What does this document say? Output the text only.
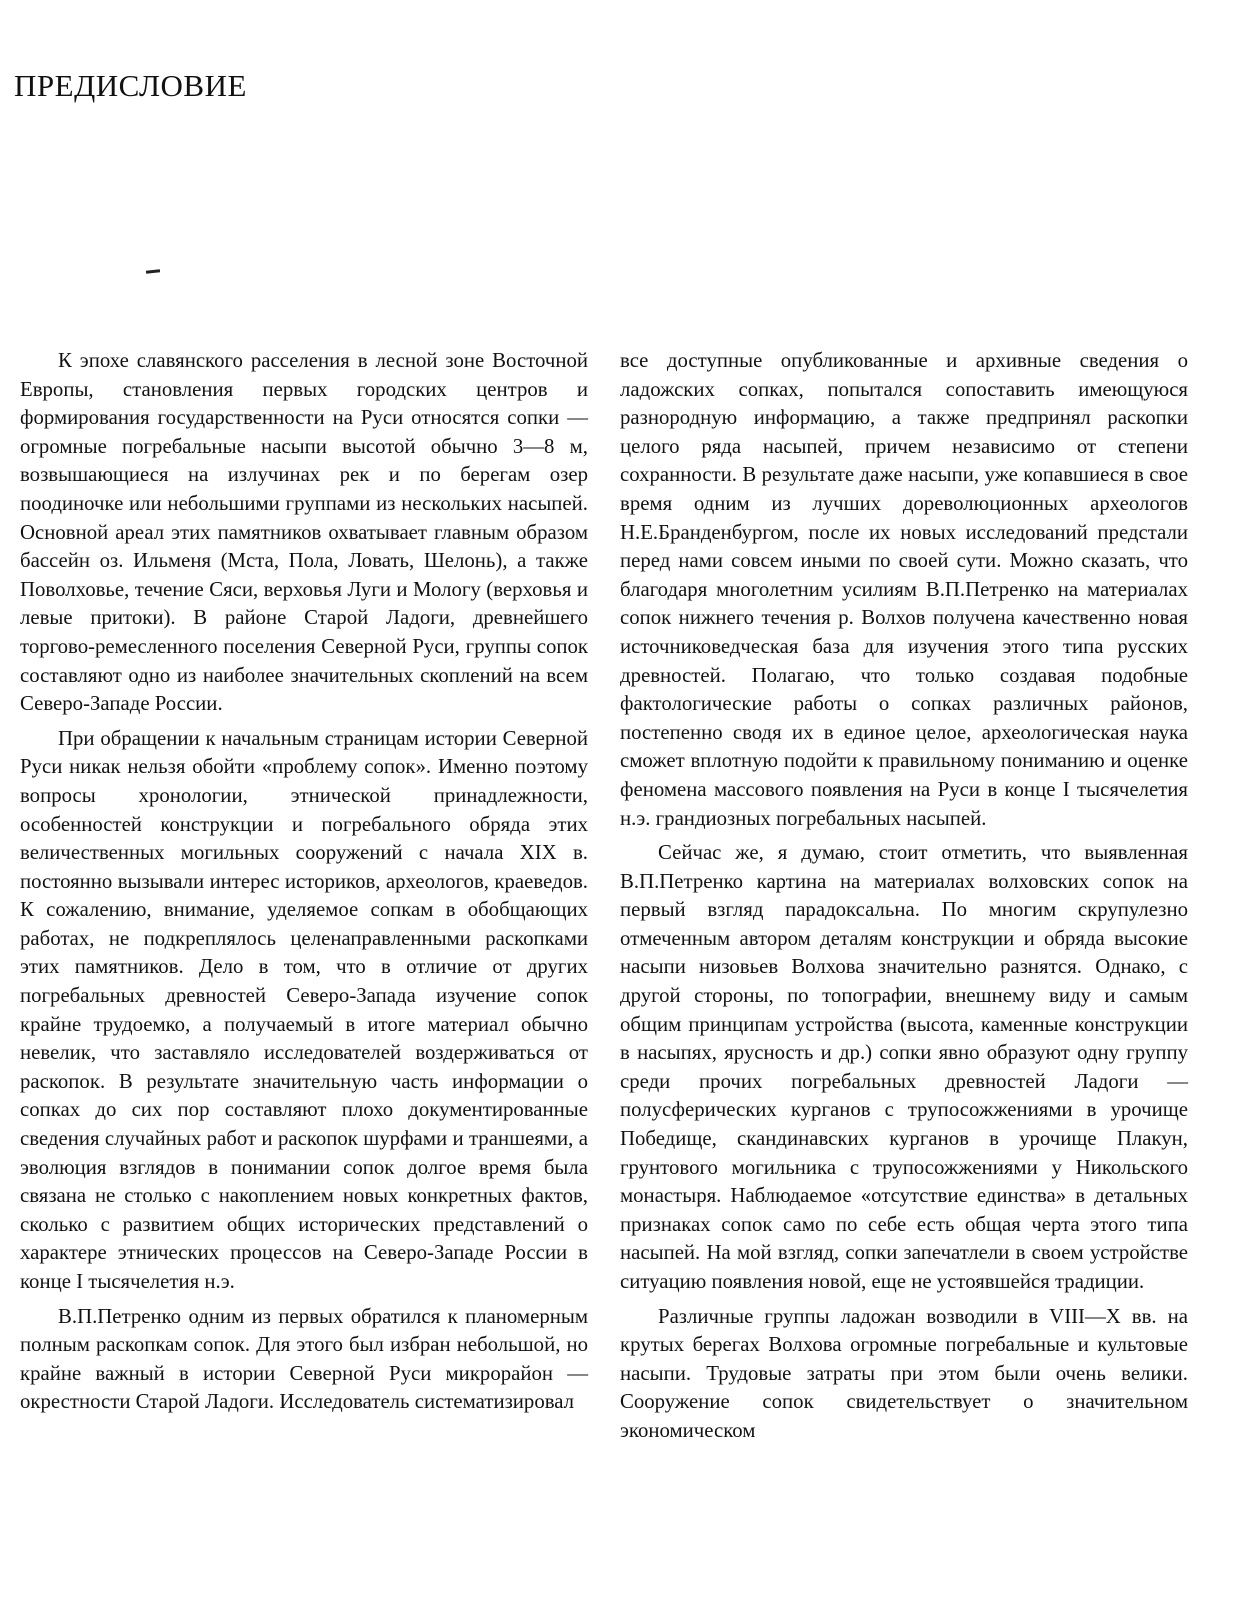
ПРЕДИСЛОВИЕ

К эпохе славянского расселения в лесной зоне Восточной Европы, становления первых городских центров и формирования государственности на Руси относятся сопки — огромные погребальные насыпи высотой обычно 3—8 м, возвышающиеся на излучинах рек и по берегам озер поодиночке или небольшими группами из нескольких насыпей. Основной ареал этих памятников охватывает главным образом бассейн оз. Ильменя (Мста, Пола, Ловать, Шелонь), а также Поволховье, течение Сяси, верховья Луги и Мологу (верховья и левые притоки). В районе Старой Ладоги, древнейшего торгово-ремесленного поселения Северной Руси, группы сопок составляют одно из наиболее значительных скоплений на всем Северо-Западе России.

При обращении к начальным страницам истории Северной Руси никак нельзя обойти «проблему сопок». Именно поэтому вопросы хронологии, этнической принадлежности, особенностей конструкции и погребального обряда этих величественных могильных сооружений с начала XIX в. постоянно вызывали интерес историков, археологов, краеведов. К сожалению, внимание, уделяемое сопкам в обобщающих работах, не подкреплялось целенаправленными раскопками этих памятников. Дело в том, что в отличие от других погребальных древностей Северо-Запада изучение сопок крайне трудоемко, а получаемый в итоге материал обычно невелик, что заставляло исследователей воздерживаться от раскопок. В результате значительную часть информации о сопках до сих пор составляют плохо документированные сведения случайных работ и раскопок шурфами и траншеями, а эволюция взглядов в понимании сопок долгое время была связана не столько с накоплением новых конкретных фактов, сколько с развитием общих исторических представлений о характере этнических процессов на Северо-Западе России в конце I тысячелетия н.э.

В.П.Петренко одним из первых обратился к планомерным полным раскопкам сопок. Для этого был избран небольшой, но крайне важный в истории Северной Руси микрорайон — окрестности Старой Ладоги. Исследователь систематизировал

все доступные опубликованные и архивные сведения о ладожских сопках, попытался сопоставить имеющуюся разнородную информацию, а также предпринял раскопки целого ряда насыпей, причем независимо от степени сохранности. В результате даже насыпи, уже копавшиеся в свое время одним из лучших дореволюционных археологов Н.Е.Бранденбургом, после их новых исследований предстали перед нами совсем иными по своей сути. Можно сказать, что благодаря многолетним усилиям В.П.Петренко на материалах сопок нижнего течения р. Волхов получена качественно новая источниковедческая база для изучения этого типа русских древностей. Полагаю, что только создавая подобные фактологические работы о сопках различных районов, постепенно сводя их в единое целое, археологическая наука сможет вплотную подойти к правильному пониманию и оценке феномена массового появления на Руси в конце I тысячелетия н.э. грандиозных погребальных насыпей.

Сейчас же, я думаю, стоит отметить, что выявленная В.П.Петренко картина на материалах волховских сопок на первый взгляд парадоксальна. По многим скрупулезно отмеченным автором деталям конструкции и обряда высокие насыпи низовьев Волхова значительно разнятся. Однако, с другой стороны, по топографии, внешнему виду и самым общим принципам устройства (высота, каменные конструкции в насыпях, ярусность и др.) сопки явно образуют одну группу среди прочих погребальных древностей Ладоги — полусферических курганов с трупосожжениями в урочище Победище, скандинавских курганов в урочище Плакун, грунтового могильника с трупосожжениями у Никольского монастыря. Наблюдаемое «отсутствие единства» в детальных признаках сопок само по себе есть общая черта этого типа насыпей. На мой взгляд, сопки запечатлели в своем устройстве ситуацию появления новой, еще не устоявшейся традиции.

Различные группы ладожан возводили в VIII—X вв. на крутых берегах Волхова огромные погребальные и культовые насыпи. Трудовые затраты при этом были очень велики. Сооружение сопок свидетельствует о значительном экономическом
